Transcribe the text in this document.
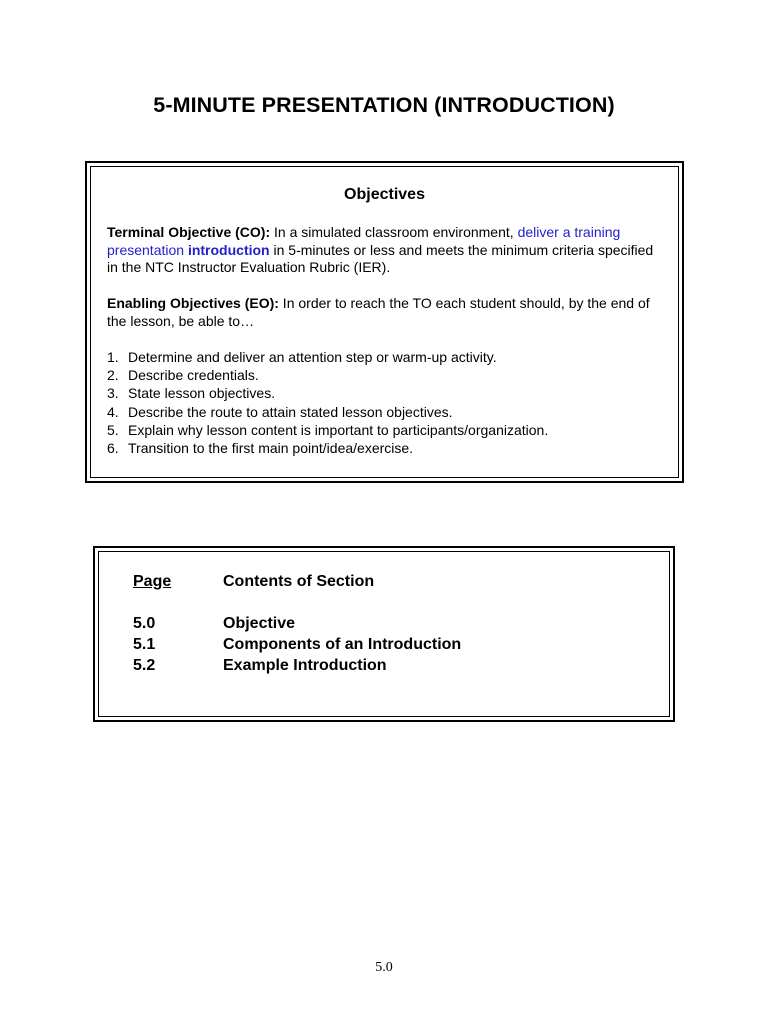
5-MINUTE PRESENTATION (INTRODUCTION)
Objectives

Terminal Objective (CO): In a simulated classroom environment, deliver a training presentation introduction in 5-minutes or less and meets the minimum criteria specified in the NTC Instructor Evaluation Rubric (IER).

Enabling Objectives (EO): In order to reach the TO each student should, by the end of the lesson, be able to…

1. Determine and deliver an attention step or warm-up activity.
2. Describe credentials.
3. State lesson objectives.
4. Describe the route to attain stated lesson objectives.
5. Explain why lesson content is important to participants/organization.
6. Transition to the first main point/idea/exercise.
Page	Contents of Section
5.0	Objective
5.1	Components of an Introduction
5.2	Example Introduction
5.0
